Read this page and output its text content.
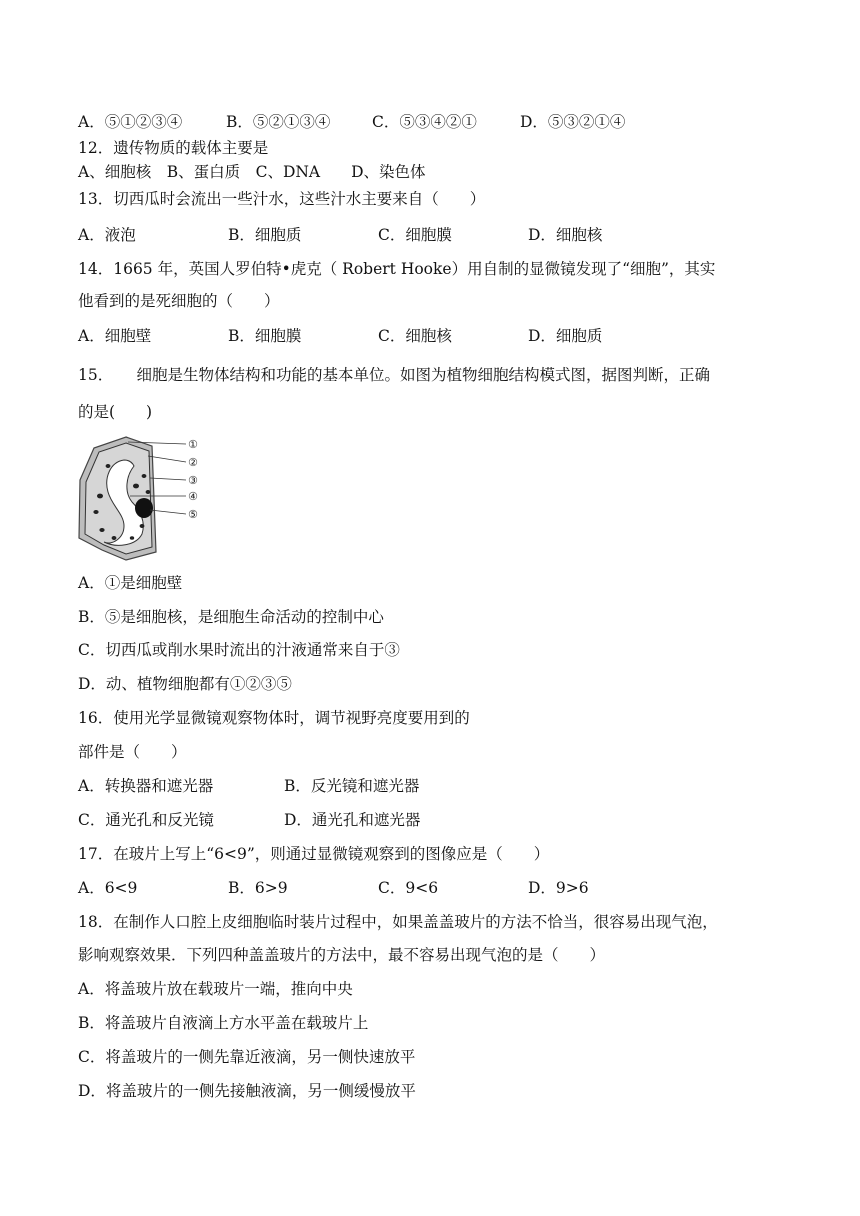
A．⑤①②③④	B．⑤②①③④	C．⑤③④②①	D．⑤③②①④
12．遗传物质的载体主要是
A、细胞核　B、蛋白质　C、DNA　　D、染色体
13．切西瓜时会流出一些汁水，这些汁水主要来自（　　）
A．液泡	B．细胞质	C．细胞膜	D．细胞核
14．1665 年，英国人罗伯特•虎克（ Robert Hooke）用自制的显微镜发现了“细胞”，其实
他看到的是死细胞的（　　）
A．细胞壁	B．细胞膜	C．细胞核	D．细胞质
15．　　细胞是生物体结构和功能的基本单位。如图为植物细胞结构模式图，据图判断，正确
的是(　　)
①
②
③
④
⑤
A．①是细胞壁
B．⑤是细胞核，是细胞生命活动的控制中心
C．切西瓜或削水果时流出的汁液通常来自于③
D．动、植物细胞都有①②③⑤
16．使用光学显微镜观察物体时，调节视野亮度要用到的
部件是（　　）
A．转换器和遮光器	B．反光镜和遮光器
C．通光孔和反光镜	D．通光孔和遮光器
17．在玻片上写上“6<9”，则通过显微镜观察到的图像应是（　　）
A．6<9	B．6>9	C．9<6	D．9>6
18．在制作人口腔上皮细胞临时装片过程中，如果盖盖玻片的方法不恰当，很容易出现气泡，
影响观察效果．下列四种盖盖玻片的方法中，最不容易出现气泡的是（　　）
A．将盖玻片放在载玻片一端，推向中央
B．将盖玻片自液滴上方水平盖在载玻片上
C．将盖玻片的一侧先靠近液滴，另一侧快速放平
D．将盖玻片的一侧先接触液滴，另一侧缓慢放平
